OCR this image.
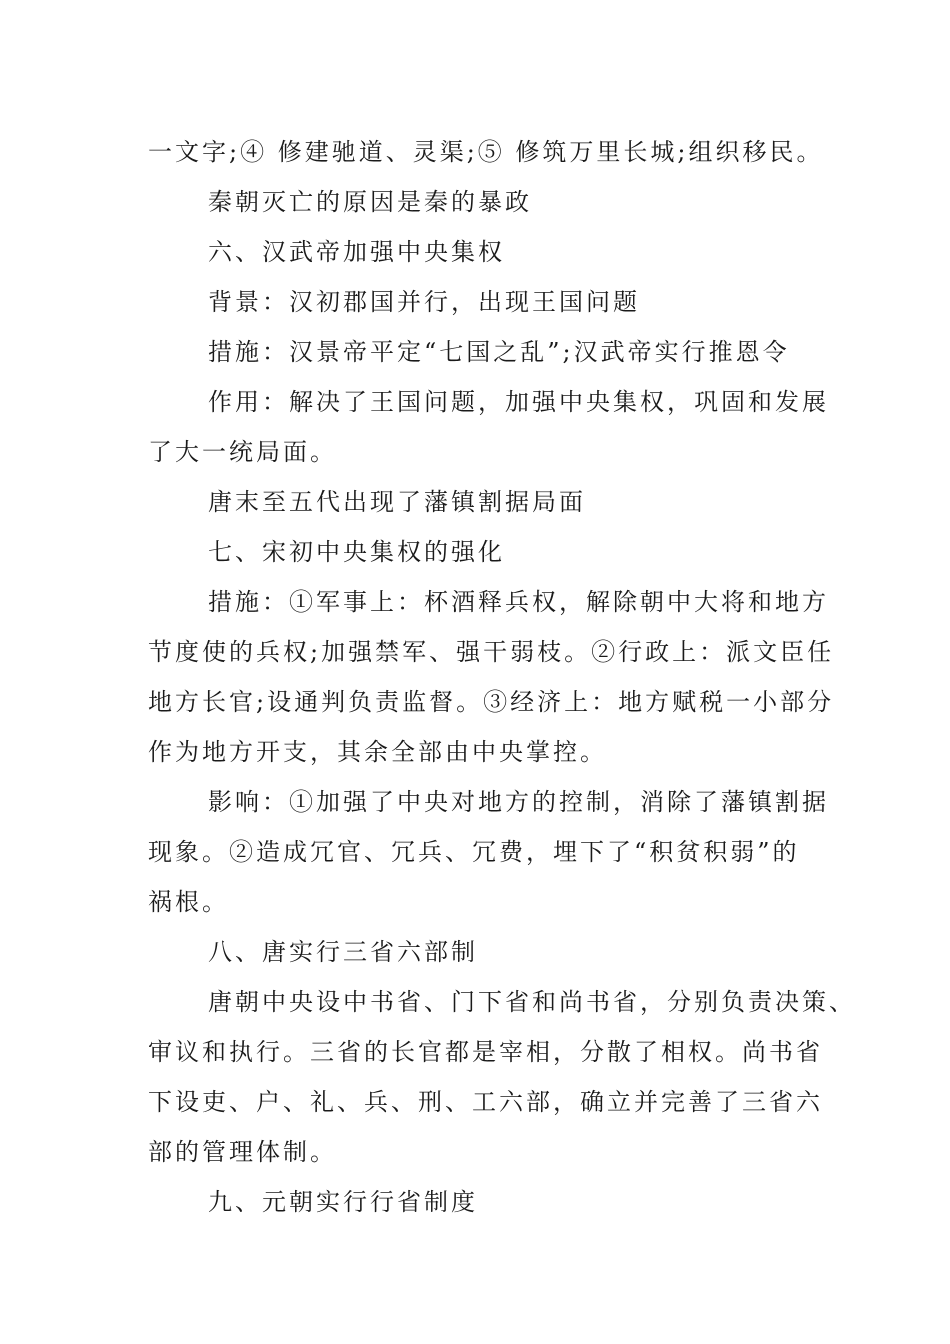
一文字;④ 修建驰道、灵渠;⑤ 修筑万里长城;组织移民。
秦朝灭亡的原因是秦的暴政
六、汉武帝加强中央集权
背景：汉初郡国并行，出现王国问题
措施：汉景帝平定“七国之乱”;汉武帝实行推恩令
作用：解决了王国问题，加强中央集权，巩固和发展
了大一统局面。
唐末至五代出现了藩镇割据局面
七、宋初中央集权的强化
措施：①军事上：杯酒释兵权，解除朝中大将和地方
节度使的兵权;加强禁军、强干弱枝。②行政上：派文臣任
地方长官;设通判负责监督。③经济上：地方赋税一小部分
作为地方开支，其余全部由中央掌控。
影响：①加强了中央对地方的控制，消除了藩镇割据
现象。②造成冗官、冗兵、冗费，埋下了“积贫积弱”的
祸根。
八、唐实行三省六部制
唐朝中央设中书省、门下省和尚书省，分别负责决策、
审议和执行。三省的长官都是宰相，分散了相权。尚书省
下设吏、户、礼、兵、刑、工六部，确立并完善了三省六
部的管理体制。
九、元朝实行行省制度
